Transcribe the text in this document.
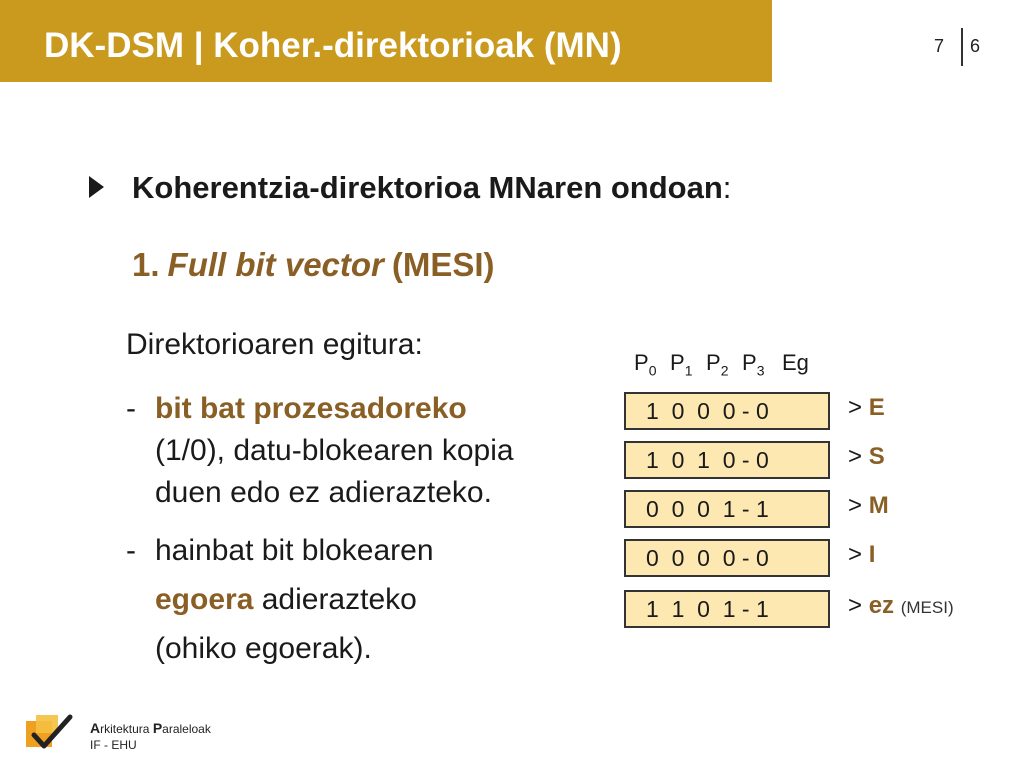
DK-DSM | Koher.-direktorioak (MN)	7 6
Koherentzia-direktorioa MNaren ondoan:
1. Full bit vector (MESI)
Direktorioaren egitura:
- bit bat prozesadoreko
(1/0), datu-blokearen kopia
duen edo ez adierazteko.
- hainbat bit blokearen
egoera adierazteko
(ohiko egoerak).
$P_0$ $P_1$ $P_2$ $P_3$ Eg
1  0  0  0 - 0	> E
1  0  1  0 - 0	> S
0  0  0  1 - 1	> M
0  0  0  0 - 0	> I
1  1  0  1 - 1	> ez (MESI)
Arkitektura Paraleloak
IF - EHU
